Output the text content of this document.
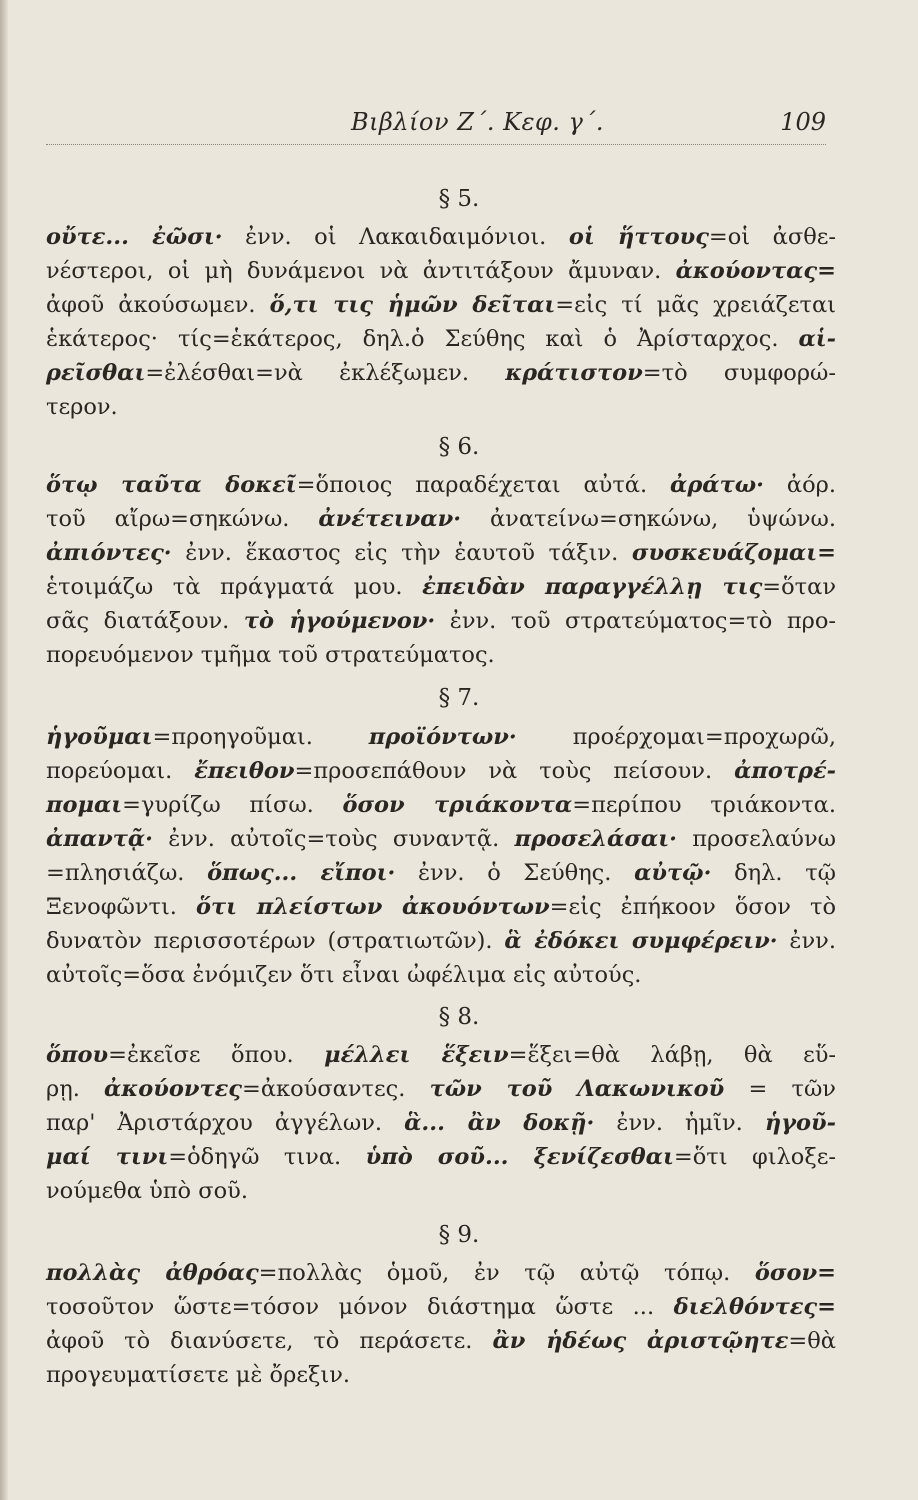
Βιβλίον Ζ΄. Κεφ. γ΄.	109
§ 5.
οὔτε... ἐῶσι· ἐνν. οἱ Λακαιδαιμόνιοι. οἱ ἥττους=οἱ ἀσθε-
νέστεροι, οἱ μὴ δυνάμενοι νὰ ἀντιτάξουν ἄμυναν. ἀκούοντας=
ἀφοῦ ἀκούσωμεν. ὅ,τι τις ἡμῶν δεῖται=εἰς τί μᾶς χρειάζεται
ἑκάτερος· τίς=ἑκάτερος, δηλ.ὁ Σεύθης καὶ ὁ Ἀρίσταρχος. αἱ-
ρεῖσθαι=ἐλέσθαι=νὰ ἐκλέξωμεν. κράτιστον=τὸ συμφορώ-
τερον.
§ 6.
ὅτῳ ταῦτα δοκεῖ=ὅποιος παραδέχεται αὐτά. ἀράτω· ἀόρ.
τοῦ αἴρω=σηκώνω. ἀνέτειναν· ἀνατείνω=σηκώνω, ὑψώνω.
ἀπιόντες· ἐνν. ἕκαστος εἰς τὴν ἑαυτοῦ τάξιν. συσκευάζομαι=
ἑτοιμάζω τὰ πράγματά μου. ἐπειδὰν παραγγέλλῃ τις=ὅταν
σᾶς διατάξουν. τὸ ἡγούμενον· ἐνν. τοῦ στρατεύματος=τὸ προ-
πορευόμενον τμῆμα τοῦ στρατεύματος.
§ 7.
ἡγοῦμαι=προηγοῦμαι. προϊόντων· προέρχομαι=προχωρῶ,
πορεύομαι. ἔπειθον=προσεπάθουν νὰ τοὺς πείσουν. ἀποτρέ-
πομαι=γυρίζω πίσω. ὅσον τριάκοντα=περίπου τριάκοντα.
ἀπαντᾷ· ἐνν. αὐτοῖς=τοὺς συναντᾷ. προσελάσαι· προσελαύνω
=πλησιάζω. ὅπως... εἴποι· ἐνν. ὁ Σεύθης. αὐτῷ· δηλ. τῷ
Ξενοφῶντι. ὅτι πλείστων ἀκουόντων=εἰς ἐπήκοον ὅσον τὸ
δυνατὸν περισσοτέρων (στρατιωτῶν). ἃ ἐδόκει συμφέρειν· ἐνν.
αὐτοῖς=ὅσα ἐνόμιζεν ὅτι εἶναι ὠφέλιμα εἰς αὐτούς.
§ 8.
ὅπου=ἐκεῖσε ὅπου. μέλλει ἕξειν=ἕξει=θὰ λάβῃ, θὰ εὕ-
ρῃ. ἀκούοντες=ἀκούσαντες. τῶν τοῦ Λακωνικοῦ = τῶν
παρ' Ἀριστάρχου ἀγγέλων. ἃ... ἂν δοκῇ· ἐνν. ἡμῖν. ἡγοῦ-
μαί τινι=ὁδηγῶ τινα. ὑπὸ σοῦ... ξενίζεσθαι=ὅτι φιλοξε-
νούμεθα ὑπὸ σοῦ.
§ 9.
πολλὰς ἀθρόας=πολλὰς ὁμοῦ, ἐν τῷ αὐτῷ τόπῳ. ὅσον=
τοσοῦτον ὥστε=τόσον μόνον διάστημα ὥστε ... διελθόντες=
ἀφοῦ τὸ διανύσετε, τὸ περάσετε. ἂν ἡδέως ἀριστῷητε=θὰ
προγευματίσετε μὲ ὄρεξιν.
